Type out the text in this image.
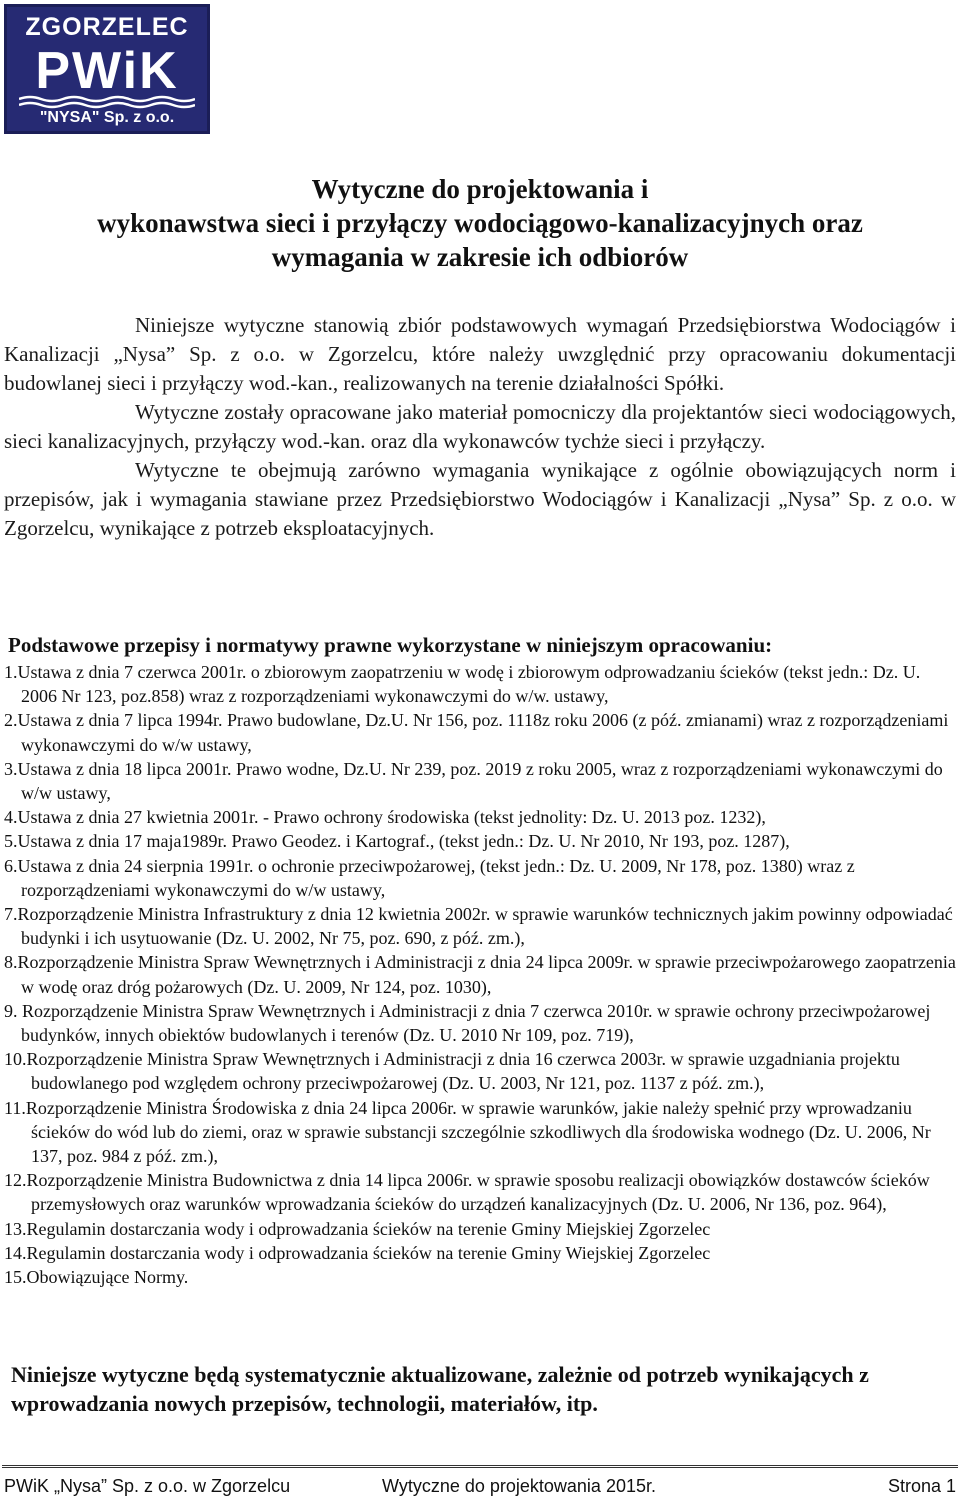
ZGORZELEC
PWiK
"NYSA" Sp. z o.o.
Wytyczne do projektowania i
wykonawstwa sieci i przyłączy wodociągowo-kanalizacyjnych oraz
wymagania w zakresie ich odbiorów

Niniejsze wytyczne stanowią zbiór podstawowych wymagań Przedsiębiorstwa Wodociągów i Kanalizacji „Nysa” Sp. z o.o. w Zgorzelcu, które należy uwzględnić przy opracowaniu dokumentacji budowlanej sieci i przyłączy wod.-kan., realizowanych na terenie działalności Spółki.

Wytyczne zostały opracowane jako materiał pomocniczy dla projektantów sieci wodociągowych, sieci kanalizacyjnych, przyłączy wod.-kan. oraz dla wykonawców tychże sieci i przyłączy.

Wytyczne te obejmują zarówno wymagania wynikające z ogólnie obowiązujących norm i przepisów, jak i wymagania stawiane przez Przedsiębiorstwo Wodociągów i Kanalizacji „Nysa” Sp. z o.o. w Zgorzelcu, wynikające z potrzeb eksploatacyjnych.

Podstawowe przepisy i normatywy prawne wykorzystane w niniejszym opracowaniu:
1.Ustawa z dnia 7 czerwca 2001r. o zbiorowym zaopatrzeniu w wodę i zbiorowym odprowadzaniu ścieków (tekst jedn.: Dz. U. 2006 Nr 123, poz.858) wraz z rozporządzeniami wykonawczymi do w/w. ustawy,
2.Ustawa z dnia 7 lipca 1994r. Prawo budowlane, Dz.U. Nr 156, poz. 1118z roku 2006 (z póź. zmianami) wraz z rozporządzeniami wykonawczymi do w/w ustawy,
3.Ustawa z dnia 18 lipca 2001r. Prawo wodne, Dz.U. Nr 239, poz. 2019 z roku 2005, wraz z rozporządzeniami wykonawczymi do w/w ustawy,
4.Ustawa z dnia 27 kwietnia 2001r. - Prawo ochrony środowiska (tekst jednolity: Dz. U. 2013 poz. 1232),
5.Ustawa z dnia 17 maja1989r. Prawo Geodez. i Kartograf., (tekst jedn.: Dz. U. Nr 2010, Nr 193, poz. 1287),
6.Ustawa z dnia 24 sierpnia 1991r. o ochronie przeciwpożarowej, (tekst jedn.: Dz. U. 2009, Nr 178, poz. 1380) wraz z rozporządzeniami wykonawczymi do w/w ustawy,
7.Rozporządzenie Ministra Infrastruktury z dnia 12 kwietnia 2002r. w sprawie warunków technicznych jakim powinny odpowiadać budynki i ich usytuowanie (Dz. U. 2002, Nr 75, poz. 690, z póź. zm.),
8.Rozporządzenie Ministra Spraw Wewnętrznych i Administracji z dnia 24 lipca 2009r. w sprawie przeciwpożarowego zaopatrzenia w wodę oraz dróg pożarowych (Dz. U. 2009, Nr 124, poz. 1030),
9. Rozporządzenie Ministra Spraw Wewnętrznych i Administracji z dnia 7 czerwca 2010r. w sprawie ochrony przeciwpożarowej budynków, innych obiektów budowlanych i terenów (Dz. U. 2010 Nr 109, poz. 719),
10.Rozporządzenie Ministra Spraw Wewnętrznych i Administracji z dnia 16 czerwca 2003r. w sprawie uzgadniania projektu budowlanego pod względem ochrony przeciwpożarowej (Dz. U. 2003, Nr 121, poz. 1137 z póź. zm.),
11.Rozporządzenie Ministra Środowiska z dnia 24 lipca 2006r. w sprawie warunków, jakie należy spełnić przy wprowadzaniu ścieków do wód lub do ziemi, oraz w sprawie substancji szczególnie szkodliwych dla środowiska wodnego (Dz. U. 2006, Nr 137, poz. 984 z póź. zm.),
12.Rozporządzenie Ministra Budownictwa z dnia 14 lipca 2006r. w sprawie sposobu realizacji obowiązków dostawców ścieków przemysłowych oraz warunków wprowadzania ścieków do urządzeń kanalizacyjnych (Dz. U. 2006, Nr 136, poz. 964),
13.Regulamin dostarczania wody i odprowadzania ścieków na terenie Gminy Miejskiej Zgorzelec
14.Regulamin dostarczania wody i odprowadzania ścieków na terenie Gminy Wiejskiej Zgorzelec
15.Obowiązujące Normy.

Niniejsze wytyczne będą systematycznie aktualizowane, zależnie od potrzeb wynikających z wprowadzania nowych przepisów, technologii, materiałów, itp.

PWiK „Nysa” Sp. z o.o. w Zgorzelcu	Wytyczne do projektowania 2015r.	Strona 1
